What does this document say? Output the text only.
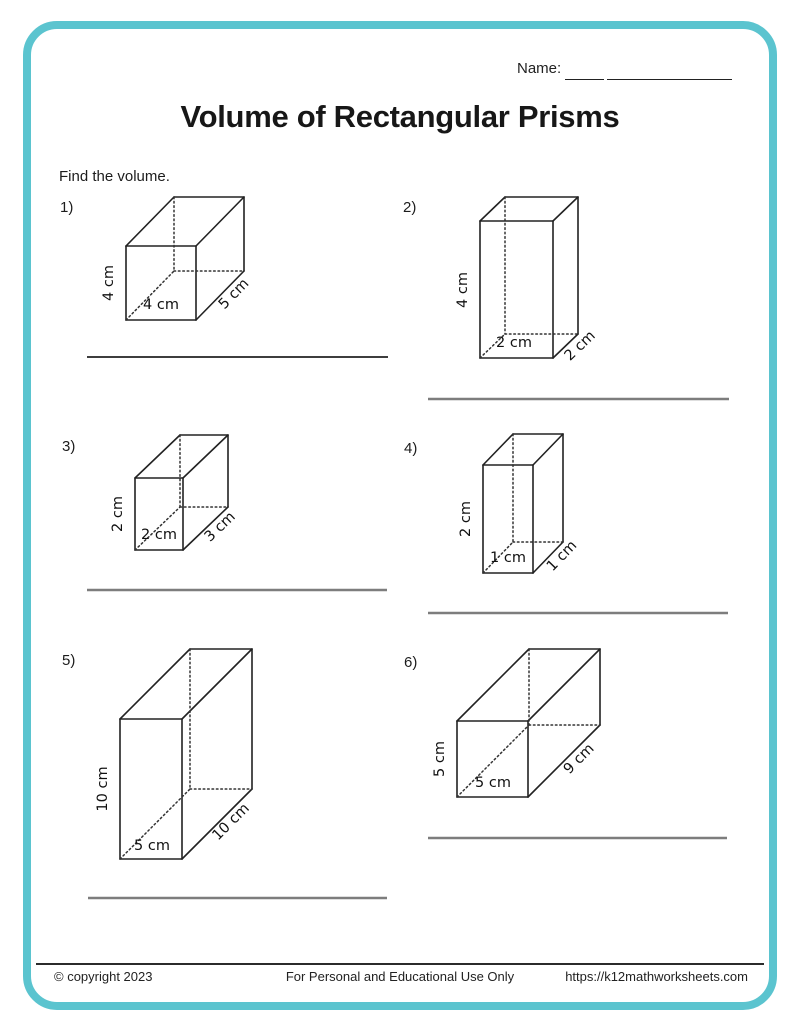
Name:
Volume of Rectangular Prisms
Find the volume.
1)	2)
3)	4)
5)	6)
4 cm
4 cm	5 cm	4 cm
2 cm 2 cm
2 cm
2 cm 3 cm	2 cm
1 cm 1 cm
10 cm
5 cm
10 cm
5 cm
5 cm
9 cm
© copyright 2023	For Personal and Educational Use Only	https://k12mathworksheets.com
